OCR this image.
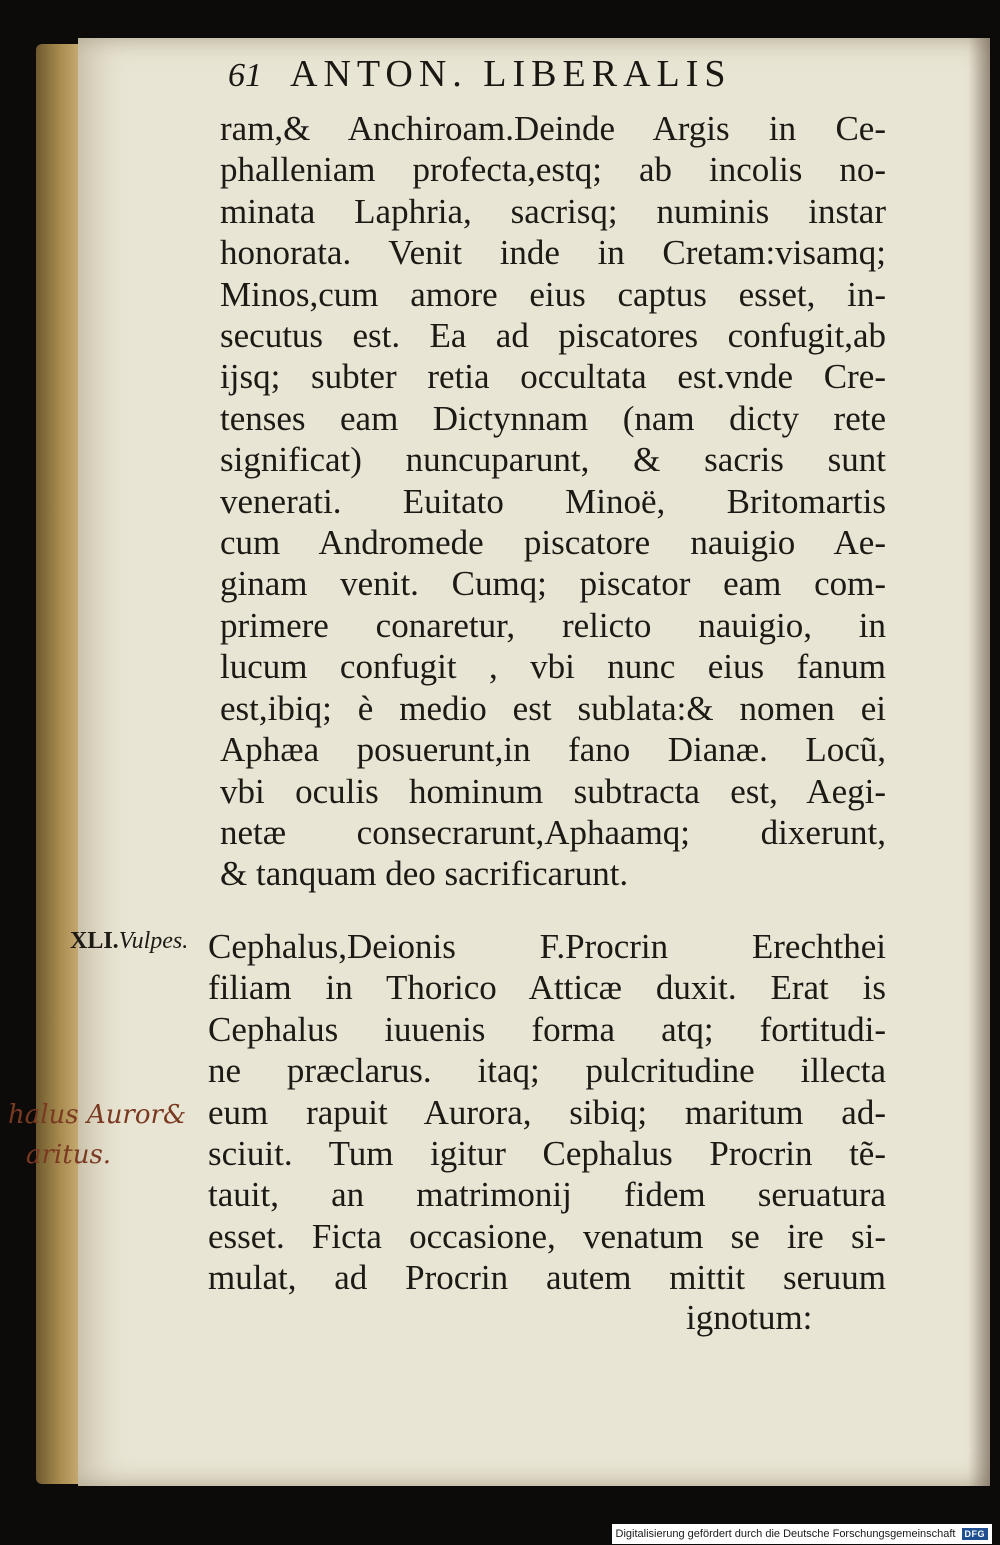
61 ANTON. LIBERALIS
ram,& Anchiroam.Deinde Argis in Ce-
phalleniam profecta,estq; ab incolis no-
minata Laphria, sacrisq; numinis instar
honorata. Venit inde in Cretam:visamq;
Minos,cum amore eius captus esset, in-
secutus est. Ea ad piscatores confugit,ab
ijsq; subter retia occultata est.vnde Cre-
tenses eam Dictynnam (nam dicty rete
significat) nuncuparunt, & sacris sunt
venerati. Euitato Minoë, Britomartis
cum Andromede piscatore nauigio Ae-
ginam venit. Cumq; piscator eam com-
primere conaretur, relicto nauigio, in
lucum confugit , vbi nunc eius fanum
est,ibiq; è medio est sublata:& nomen ei
Aphæa posuerunt,in fano Dianæ. Locũ,
vbi oculis hominum subtracta est, Aegi-
netæ consecrarunt,Aphaamq; dixerunt,
& tanquam deo sacrificarunt.
XLI.Vulpes. Cephalus,Deionis F.Procrin Erechthei
filiam in Thorico Atticæ duxit. Erat is
Cephalus iuuenis forma atq; fortitudi-
ne præclarus. itaq; pulcritudine illecta
eum rapuit Aurora, sibiq; maritum ad-
sciuit. Tum igitur Cephalus Procrin tẽ-
tauit, an matrimonij fidem seruatura
esset. Ficta occasione, venatum se ire si-
mulat, ad Procrin autem mittit seruum
ignotum:
halus Auror&
aritus.
Digitalisierung gefördert durch die Deutsche Forschungsgemeinschaft	DFG
